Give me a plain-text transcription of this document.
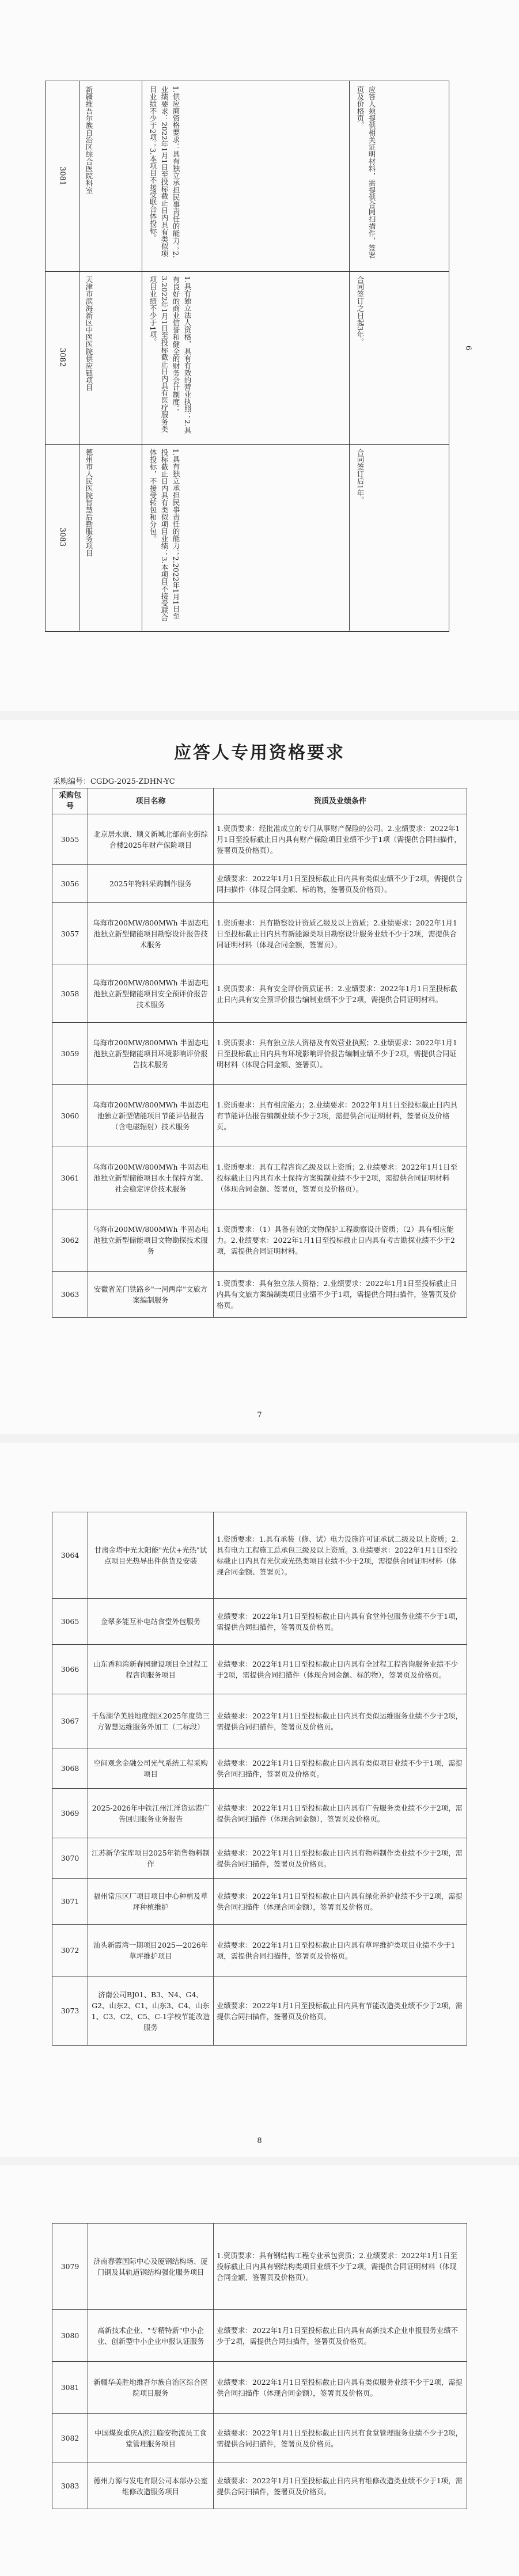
3081	新疆维吾尔族自治区综合医院科室	1.供应商资格要求：具有独立承担民事责任的能力；2.业绩要求：2022年1月1日至投标截止日内具有类似项目业绩不少于2项；3.本项目不接受联合体投标。	应答人须提供相关证明材料，需提供合同扫描件，签署页及价格页。
3082	天津市滨海新区中医医院供应链项目	1.具有独立法人资格，具有有效的营业执照；2.具有良好的商业信誉和健全的财务会计制度；3.2022年1月1日至投标截止日内具有医疗服务类项目业绩不少于1项。	合同签订之日起3年。
3083	德州市人民医院智慧后勤服务项目	1.具有独立承担民事责任的能力；2.2022年1月1日至投标截止日内具有类似项目业绩；3.本项目不接受联合体投标，不接受转包和分包。	合同签订后1年。
6
应答人专用资格要求
采购编号：CGDG-2025-ZDHN-YC
采购包号	项目名称	资质及业绩条件
3055	北京居永康、顺义新城北部商业街综合楼2025年财产保险项目	1.资质要求：经批准成立的专门从事财产保险的公司。2.业绩要求：2022年1月1日至投标截止日内具有财产保险项目业绩不少于1项（需提供合同扫描件，签署页及价格页）。
3056	2025年物料采购制作服务	业绩要求：2022年1月1日至投标截止日内具有类似业绩不少于2项，需提供合同扫描件（体现合同金额、标的物，签署页及价格页）。
3057	乌海市200MW/800MWh 半固态电池独立新型储能项目勘察设计报告技术服务	1.资质要求：具有勘察设计资质乙级及以上资质；2.业绩要求：2022年1月1日至投标截止日内具有新能源类项目勘察设计服务业绩不少于2项，需提供合同证明材料（体现合同金额，签署页）。
3058	乌海市200MW/800MWh 半固态电池独立新型储能项目安全预评价报告技术服务	1.资质要求：具有安全评价资质证书；2.业绩要求：2022年1月1日至投标截止日内具有安全预评价报告编制业绩不少于2项，需提供合同证明材料。
3059	乌海市200MW/800MWh 半固态电池独立新型储能项目环境影响评价报告技术服务	1.资质要求：具有独立法人资格及有效营业执照；2.业绩要求：2022年1月1日至投标截止日内具有环境影响评价报告编制业绩不少于2项，需提供合同证明材料（体现合同金额、签署页）。
3060	乌海市200MW/800MWh 半固态电池独立新型储能项目节能评估报告（含电磁辐射）技术服务	1.资质要求：具有相应能力；2.业绩要求：2022年1月1日至投标截止日内具有节能评估报告编制业绩不少于2项，需提供合同证明材料，签署页及价格页。
3061	乌海市200MW/800MWh 半固态电池独立新型储能项目水土保持方案、社会稳定评价技术服务	1.资质要求：具有工程咨询乙级及以上资质；2.业绩要求：2022年1月1日至投标截止日内具有水土保持方案编制业绩不少于2项，需提供合同证明材料（体现合同金额、签署页，签署页及价格页）。
3062	乌海市200MW/800MWh 半固态电池独立新型储能项目文物勘探技术服务	1.资质要求：（1）具备有效的文物保护工程勘察设计资质；（2）具有相应能力。2.业绩要求：2022年1月1日至投标截止日内具有考古勘探业绩不少于2项，需提供合同证明材料。
3063	安徽省芜门铁路乡"一河两岸"文旅方案编制服务	1.资质要求：具有独立法人资格；2.业绩要求：2022年1月1日至投标截止日内具有文旅方案编制类项目业绩不少于1项，需提供合同扫描件，签署页及价格页。
7
3064	甘肃金塔中光太阳能"光伏+光热"试点项目光热导出件供货及安装	1.资质要求：1.具有承装（修、试）电力设施许可证承试二级及以上资质；2.具有电力工程施工总承包三级及以上资质。3.业绩要求：2022年1月1日至投标截止日内具有光伏或光热类项目业绩不少于2项，需提供合同证明材料（体现合同金额、签署页）。
3065	金翠多能互补电站食堂外包服务	业绩要求：2022年1月1日至投标截止日内具有食堂外包服务业绩不少于1项，需提供合同扫描件，签署页及价格页。
3066	山东香和湾新春园建设项目全过程工程咨询服务项目	业绩要求：2022年1月1日至投标截止日内具有全过程工程咨询服务业绩不少于2项，需提供合同扫描件（体现合同金额、标的物），签署页及价格页。
3067	千岛湖华美胜地度假区2025年度第三方智慧运维服务外加工（二标段）	业绩要求：2022年1月1日至投标截止日内具有类似运维服务业绩不少于2项，需提供合同扫描件，签署页及价格页。
3068	空间观念金融公司光气系统工程采购项目	业绩要求：2022年1月1日至投标截止日内具有类似项目业绩不少于1项，需提供合同扫描件，签署页及价格页。
3069	2025-2026年中铁江州江洋货运港广告回归服务业务报告	业绩要求：2022年1月1日至投标截止日内具有广告服务类业绩不少于2项，需提供合同扫描件（体现合同金额），签署页及价格页。
3070	江苏新华宝库项目2025年销售物料制作	业绩要求：2022年1月1日至投标截止日内具有物料制作类业绩不少于2项，需提供合同扫描件，签署页及价格页。
3071	福州常压区厂项目项目中心种植及草坪种植维护	业绩要求：2022年1月1日至投标截止日内具有绿化养护业绩不少于2项，需提供合同扫描件（体现合同金额），签署页及价格页。
3072	汕头新霞湾一期项目2025—2026年草坪维护项目	业绩要求：2022年1月1日至投标截止日内具有草坪维护类项目业绩不少于1项，需提供合同扫描件，签署页及价格页。
3073	济南公司BJ01、B3、N4、G4、G2、山东2、C1、山东3、C4、山东1、C3、C2、C5、C-1学校节能改造服务	业绩要求：2022年1月1日至投标截止日内具有节能改造类业绩不少于2项，需提供合同扫描件，签署页及价格页。
8
3079	济南春蓉国际中心及厦钢结构场、厦门钢及其轨道钢结构强化服务项目	1.资质要求：具有钢结构工程专业承包资质；2.业绩要求：2022年1月1日至投标截止日内具有钢结构类项目业绩不少于2项，需提供合同证明材料（体现合同金额、签署页及价格页）。
3080	高新技术企业、"专精特新"中小企业、创新型中小企业申报认证服务	业绩要求：2022年1月1日至投标截止日内具有高新技术企业申报服务业绩不少于2项，需提供合同扫描件，签署页及价格页。
3081	新疆华美胜地维吾尔族自治区综合医院项目服务	业绩要求：2022年1月1日至投标截止日内具有类似服务业绩不少于2项，需提供合同扫描件（体现合同金额），签署页及价格页。
3082	中国煤炭重庆A滨江临安物流员工食堂管理服务项目	业绩要求：2022年1月1日至投标截止日内具有食堂管理服务业绩不少于2项，需提供合同扫描件，签署页及价格页。
3083	德州力源与发电有限公司本部办公室维修改造服务项目	业绩要求：2022年1月1日至投标截止日内具有维修改造类业绩不少于1项，需提供合同扫描件，签署页及价格页。
